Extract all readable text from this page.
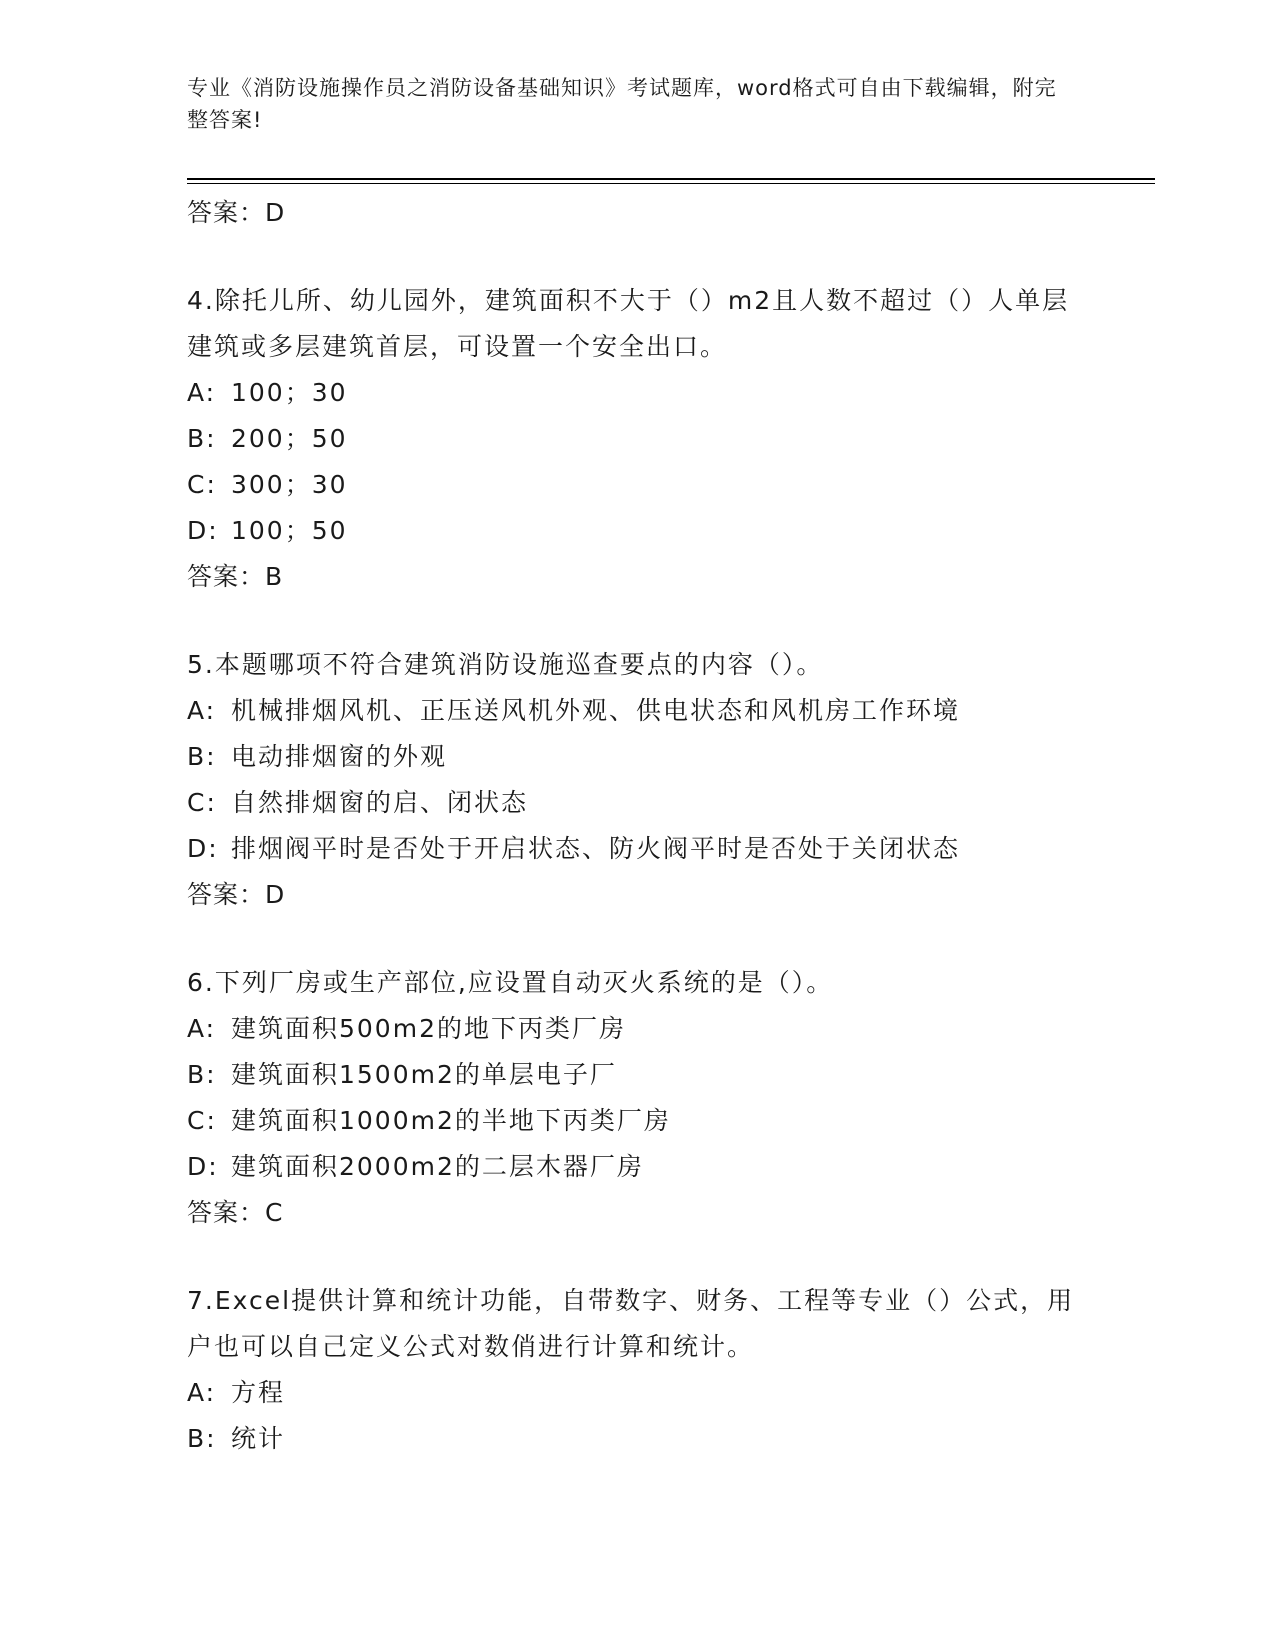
专业《消防设施操作员之消防设备基础知识》考试题库，word格式可自由下载编辑，附完整答案!
答案：D
4.除托儿所、幼儿园外，建筑面积不大于（）m2且人数不超过（）人单层建筑或多层建筑首层，可设置一个安全出口。
A: 100；30
B: 200；50
C: 300；30
D: 100；50
答案：B
5.本题哪项不符合建筑消防设施巡查要点的内容（）。
A: 机械排烟风机、正压送风机外观、供电状态和风机房工作环境
B: 电动排烟窗的外观
C: 自然排烟窗的启、闭状态
D: 排烟阀平时是否处于开启状态、防火阀平时是否处于关闭状态
答案：D
6.下列厂房或生产部位,应设置自动灭火系统的是（）。
A: 建筑面积500m2的地下丙类厂房
B: 建筑面积1500m2的单层电子厂
C: 建筑面积1000m2的半地下丙类厂房
D: 建筑面积2000m2的二层木器厂房
答案：C
7.Excel提供计算和统计功能，自带数字、财务、工程等专业（）公式，用户也可以自己定义公式对数俏进行计算和统计。
A: 方程
B: 统计
